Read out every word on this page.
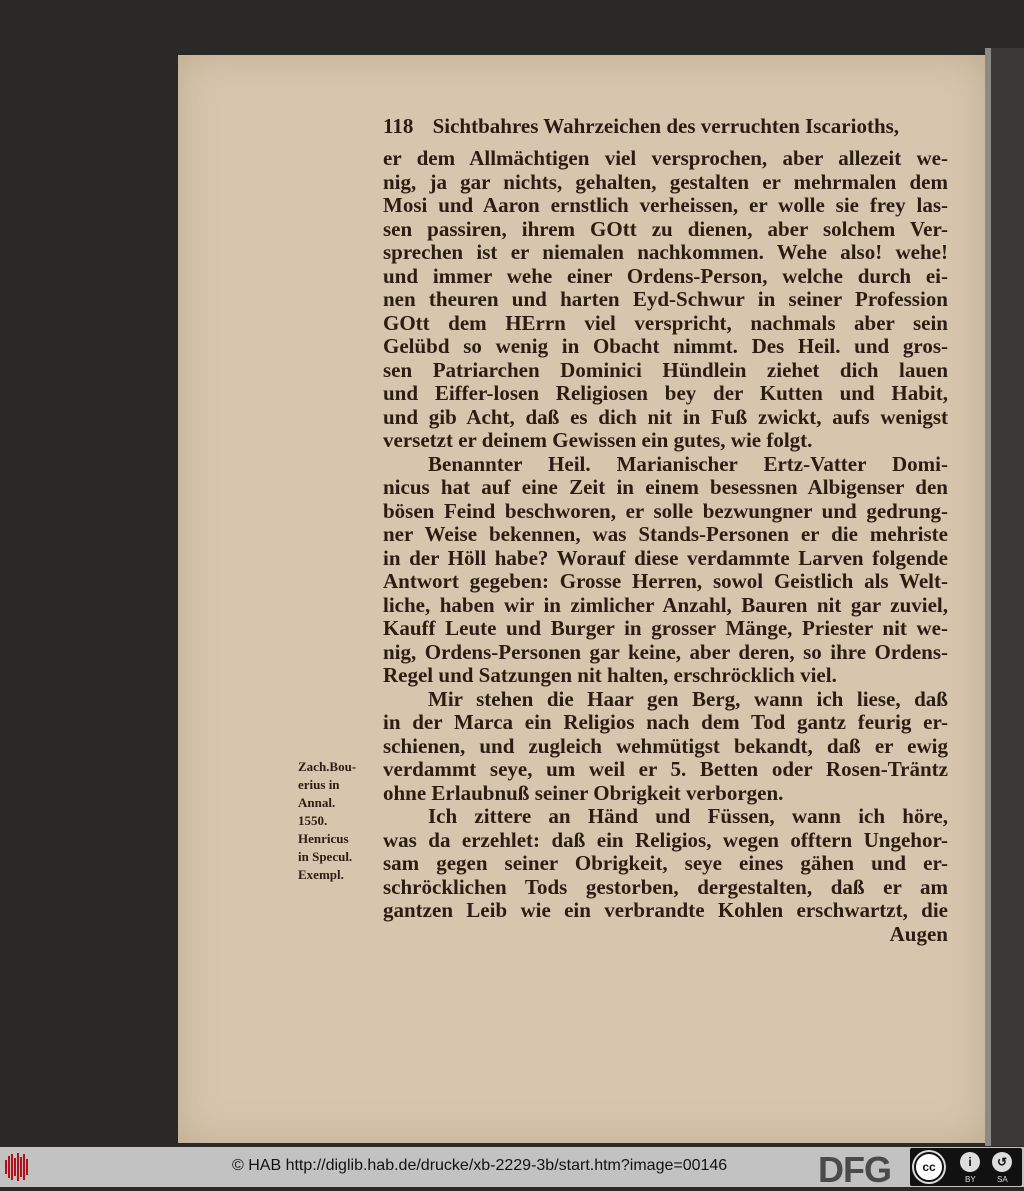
118 Sichtbahres Wahrzeichen des verruchten Iscarioths,
er dem Allmächtigen viel versprochen, aber allezeit we-
nig, ja gar nichts, gehalten, gestalten er mehrmalen dem
Mosi und Aaron ernstlich verheissen, er wolle sie frey las-
sen passiren, ihrem GOtt zu dienen, aber solchem Ver-
sprechen ist er niemalen nachkommen. Wehe also! wehe!
und immer wehe einer Ordens-Person, welche durch ei-
nen theuren und harten Eyd-Schwur in seiner Profession
GOtt dem HErrn viel verspricht, nachmals aber sein
Gelübd so wenig in Obacht nimmt. Des Heil. und gros-
sen Patriarchen Dominici Hündlein ziehet dich lauen
und Eiffer-losen Religiosen bey der Kutten und Habit,
und gib Acht, daß es dich nit in Fuß zwickt, aufs wenigst
versetzt er deinem Gewissen ein gutes, wie folgt.
Benannter Heil. Marianischer Ertz-Vatter Domi-
nicus hat auf eine Zeit in einem besessnen Albigenser den
bösen Feind beschworen, er solle bezwungner und gedrung-
ner Weise bekennen, was Stands-Personen er die mehriste
in der Höll habe? Worauf diese verdammte Larven folgende
Antwort gegeben: Grosse Herren, sowol Geistlich als Welt-
liche, haben wir in zimlicher Anzahl, Bauren nit gar zuviel,
Kauff Leute und Burger in grosser Mänge, Priester nit we-
nig, Ordens-Personen gar keine, aber deren, so ihre Ordens-
Regel und Satzungen nit halten, erschröcklich viel.
Mir stehen die Haar gen Berg, wann ich liese, daß
in der Marca ein Religios nach dem Tod gantz feurig er-
schienen, und zugleich wehmütigst bekandt, daß er ewig
verdammt seye, um weil er 5. Betten oder Rosen-Träntz
ohne Erlaubnuß seiner Obrigkeit verborgen.
Ich zittere an Händ und Füssen, wann ich höre,
was da erzehlet: daß ein Religios, wegen offtern Ungehor-
sam gegen seiner Obrigkeit, seye eines gähen und er-
schröcklichen Tods gestorben, dergestalten, daß er am
gantzen Leib wie ein verbrandte Kohlen erschwartzt, die
Augen
Zach.Bou-
erius in
Annal.
1550.
Henricus
in Specul.
Exempl.
© HAB http://diglib.hab.de/drucke/xb-2229-3b/start.htm?image=00146	DFG	cc	i	↺
BY	SA
